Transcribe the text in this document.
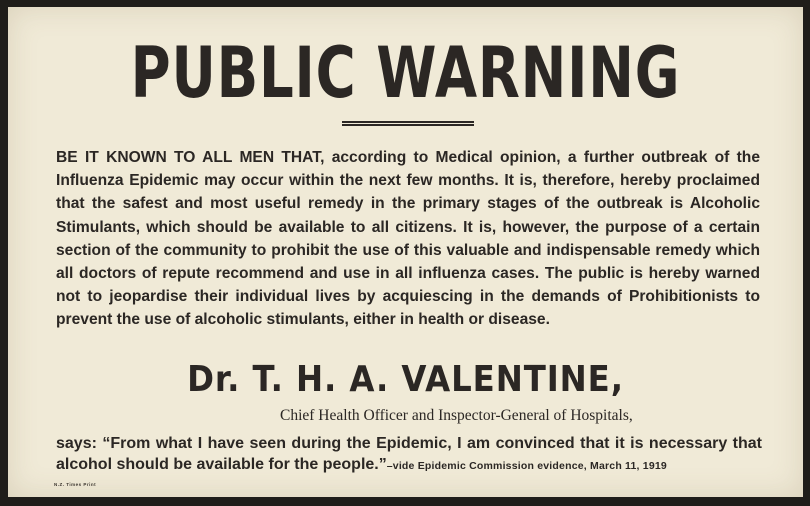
PUBLIC WARNING
BE IT KNOWN TO ALL MEN THAT, according to Medical opinion, a further outbreak of the Influenza Epidemic may occur within the next few months. It is, therefore, hereby proclaimed that the safest and most useful remedy in the primary stages of the outbreak is Alcoholic Stimulants, which should be available to all citizens. It is, however, the purpose of a certain section of the community to prohibit the use of this valuable and indispensable remedy which all doctors of repute recommend and use in all influenza cases. The public is hereby warned not to jeopardise their individual lives by acquiescing in the demands of Prohibitionists to prevent the use of alcoholic stimulants, either in health or disease.
Dr. T. H. A. VALENTINE,
Chief Health Officer and Inspector-General of Hospitals,
says: “From what I have seen during the Epidemic, I am convinced that it is necessary that alcohol should be available for the people.”–vide Epidemic Commission evidence, March 11, 1919
N.Z. Times Print
